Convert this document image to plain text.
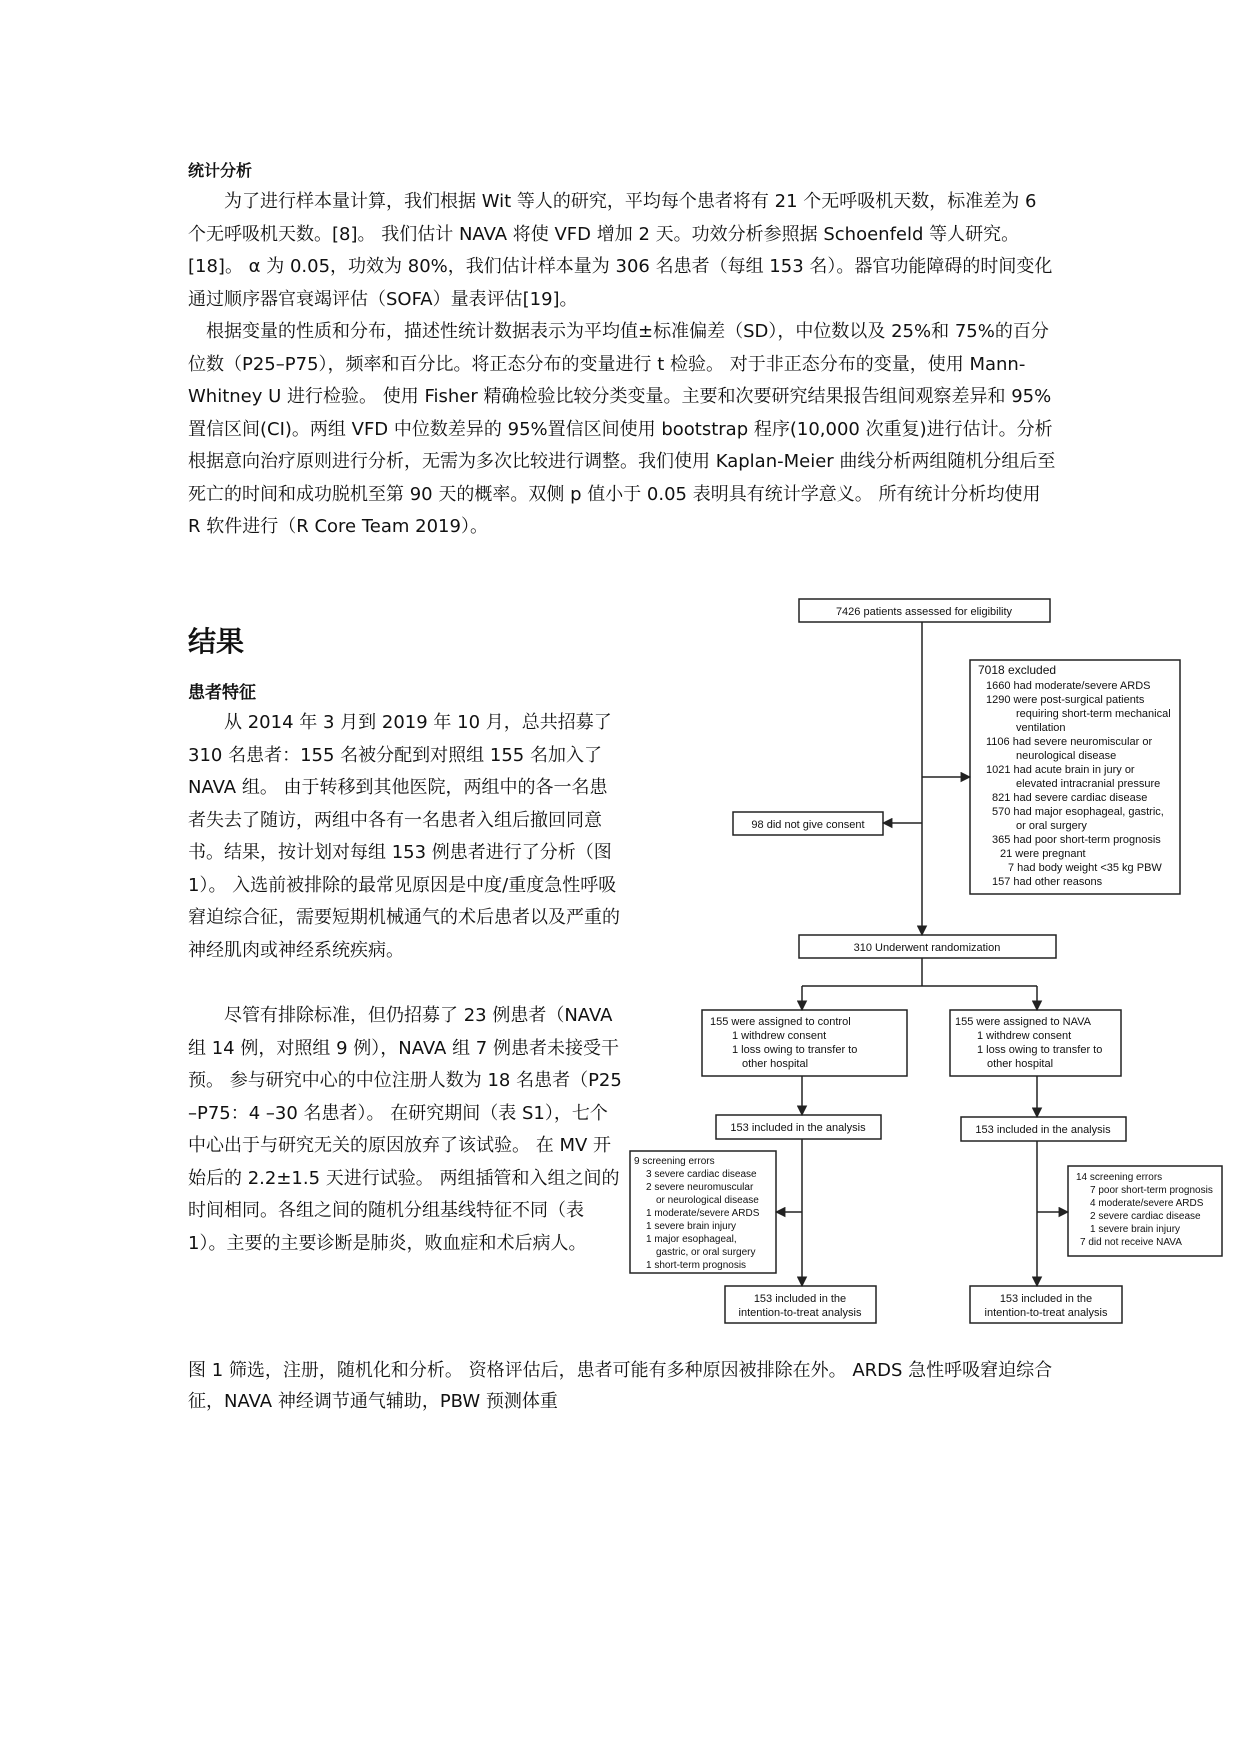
统计分析

为了进行样本量计算，我们根据 Wit 等人的研究，平均每个患者将有 21 个无呼吸机天数，标准差为 6 个无呼吸机天数。[8]。 我们估计 NAVA 将使 VFD 增加 2 天。功效分析参照据 Schoenfeld 等人研究。 [18]。 α 为 0.05，功效为 80%，我们估计样本量为 306 名患者（每组 153 名）。器官功能障碍的时间变化通过顺序器官衰竭评估（SOFA）量表评估[19]。

根据变量的性质和分布，描述性统计数据表示为平均值±标准偏差（SD），中位数以及 25%和 75%的百分位数（P25–P75），频率和百分比。将正态分布的变量进行 t 检验。 对于非正态分布的变量，使用 Mann-Whitney U 进行检验。 使用 Fisher 精确检验比较分类变量。主要和次要研究结果报告组间观察差异和 95%置信区间(CI)。两组 VFD 中位数差异的 95%置信区间使用 bootstrap 程序(10,000 次重复)进行估计。分析根据意向治疗原则进行分析，无需为多次比较进行调整。我们使用 Kaplan-Meier 曲线分析两组随机分组后至死亡的时间和成功脱机至第 90 天的概率。双侧 p 值小于 0.05 表明具有统计学意义。 所有统计分析均使用 R 软件进行（R Core Team 2019）。

结果
患者特征

从 2014 年 3 月到 2019 年 10 月，总共招募了 310 名患者：155 名被分配到对照组 155 名加入了 NAVA 组。 由于转移到其他医院，两组中的各一名患者失去了随访，两组中各有一名患者入组后撤回同意书。结果，按计划对每组 153 例患者进行了分析（图 1）。 入选前被排除的最常见原因是中度/重度急性呼吸窘迫综合征，需要短期机械通气的术后患者以及严重的神经肌肉或神经系统疾病。

尽管有排除标准，但仍招募了 23 例患者（NAVA 组 14 例，对照组 9 例），NAVA 组 7 例患者未接受干预。 参与研究中心的中位注册人数为 18 名患者（P25 –P75：4 –30 名患者）。 在研究期间（表 S1），七个中心出于与研究无关的原因放弃了该试验。 在 MV 开始后的 2.2±1.5 天进行试验。 两组插管和入组之间的时间相同。各组之间的随机分组基线特征不同（表 1）。主要的主要诊断是肺炎，败血症和术后病人。

7426 patients assessed for eligibility
7018 excluded
1660 had moderate/severe ARDS
1290 were post-surgical patients
requiring short-term mechanical
ventilation
1106 had severe neuromiscular or
neurological disease
1021 had acute brain in jury or
elevated intracranial pressure
821 had severe cardiac disease
570 had major esophageal, gastric,
or oral surgery
365 had poor short-term prognosis
21 were pregnant
7 had body weight <35 kg PBW
157 had other reasons
98 did not give consent
310 Underwent randomization
155 were assigned to control
1 withdrew consent
1 loss owing to transfer to
other hospital
155 were assigned to NAVA
1 withdrew consent
1 loss owing to transfer to
other hospital
153 included in the analysis	153 included in the analysis
9 screening errors
3 severe cardiac disease
2 severe neuromuscular
or neurological disease
1 moderate/severe ARDS
1 severe brain injury
1 major esophageal,
gastric, or oral surgery
1 short-term prognosis
14 screening errors
7 poor short-term prognosis
4 moderate/severe ARDS
2 severe cardiac disease
1 severe brain injury
7 did not receive NAVA
153 included in the
intention-to-treat analysis
153 included in the
intention-to-treat analysis

图 1 筛选，注册，随机化和分析。 资格评估后，患者可能有多种原因被排除在外。 ARDS 急性呼吸窘迫综合征，NAVA 神经调节通气辅助，PBW 预测体重
